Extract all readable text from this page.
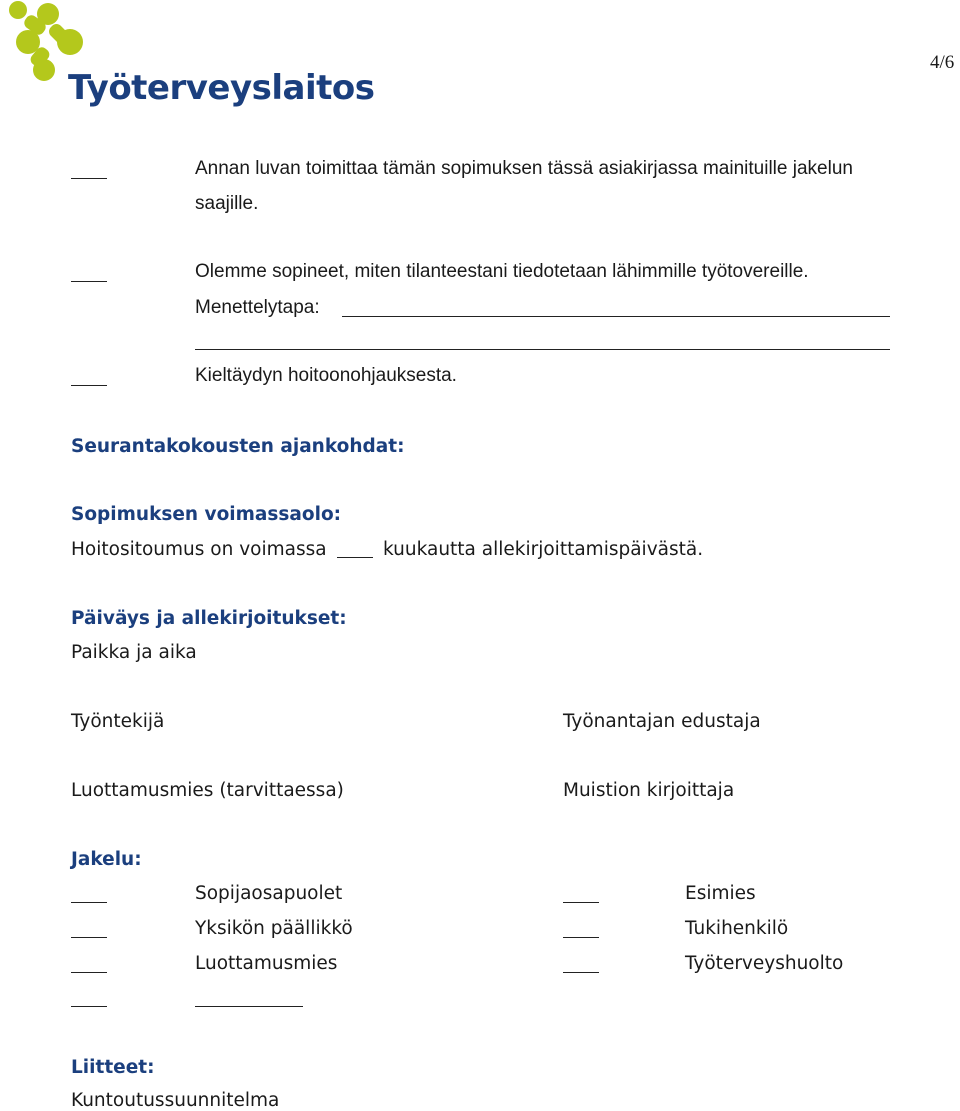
Työterveyslaitos
4/6
Annan luvan toimittaa tämän sopimuksen tässä asiakirjassa mainituille jakelun
saajille.
Olemme sopineet, miten tilanteestani tiedotetaan lähimmille työtovereille.
Menettelytapa:
Kieltäydyn hoitoonohjauksesta.
Seurantakokousten ajankohdat:
Sopimuksen voimassaolo:
Hoitositoumus on voimassa	kuukautta allekirjoittamispäivästä.
Päiväys ja allekirjoitukset:
Paikka ja aika
Työntekijä	Työnantajan edustaja
Luottamusmies (tarvittaessa)	Muistion kirjoittaja
Jakelu:
Sopijaosapuolet	Esimies
Yksikön päällikkö	Tukihenkilö
Luottamusmies	Työterveyshuolto
Liitteet:
Kuntoutussuunnitelma
